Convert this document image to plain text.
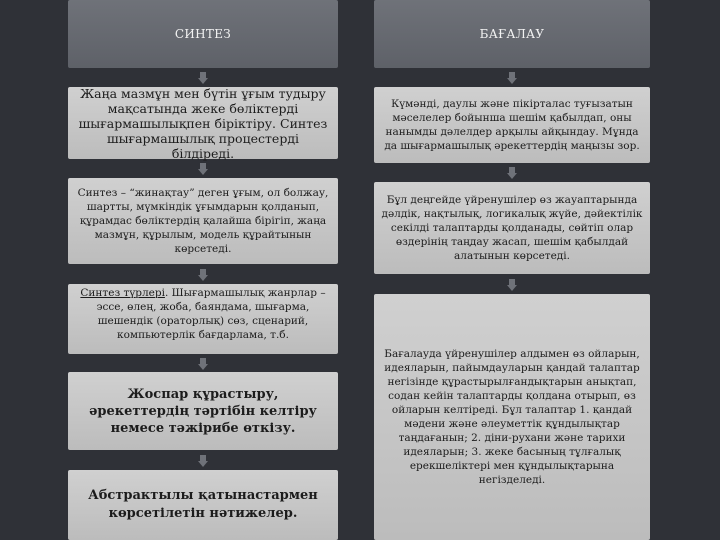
СИНТЕЗ
Жаңа мазмұн мен бүтін ұғым тудыру мақсатында жеке бөліктерді шығармашылықпен біріктіру. Синтез шығармашылық процестерді білдіреді.
Синтез – “жинақтау” деген ұғым, ол болжау, шартты, мүмкіндік ұғымдарын қолданып, құрамдас бөліктердің қалайша бірігіп, жаңа мазмұн, құрылым, модель құрайтынын көрсетеді.
Синтез түрлері. Шығармашылық жанрлар – эссе, өлең, жоба, баяндама, шығарма, шешендік (ораторлық) сөз, сценарий, компьютерлік бағдарлама, т.б.
Жоспар құрастыру, әрекеттердің тәртібін келтіру немесе тәжірибе өткізу.
Абстрактылы қатынастармен көрсетілетін нәтижелер.
БАҒАЛАУ
Күмәнді, даулы және пікірталас туғызатын мәселелер бойынша шешім қабылдап, оны нанымды дәлелдер арқылы айқындау. Мұнда да шығармашылық әрекеттердің маңызы зор.
Бұл деңгейде үйренушілер өз жауаптарында дәлдік, нақтылық, логикалық жүйе, дәйектілік секілді талаптарды қолданады, сөйтіп олар өздерінің таңдау жасап, шешім қабылдай алатынын көрсетеді.
Бағалауда үйренушілер алдымен өз ойларын, идеяларын, пайымдауларын қандай талаптар негізінде құрастырылғандықтарын анықтап, содан кейін талаптарды қолдана отырып, өз ойларын келтіреді. Бұл талаптар 1. қандай мәдени және әлеуметтік құндылықтар таңдағанын; 2. діни-рухани және тарихи идеяларын; 3. жеке басының тұлғалық ерекшеліктері мен құндылықтарына негізделеді.
